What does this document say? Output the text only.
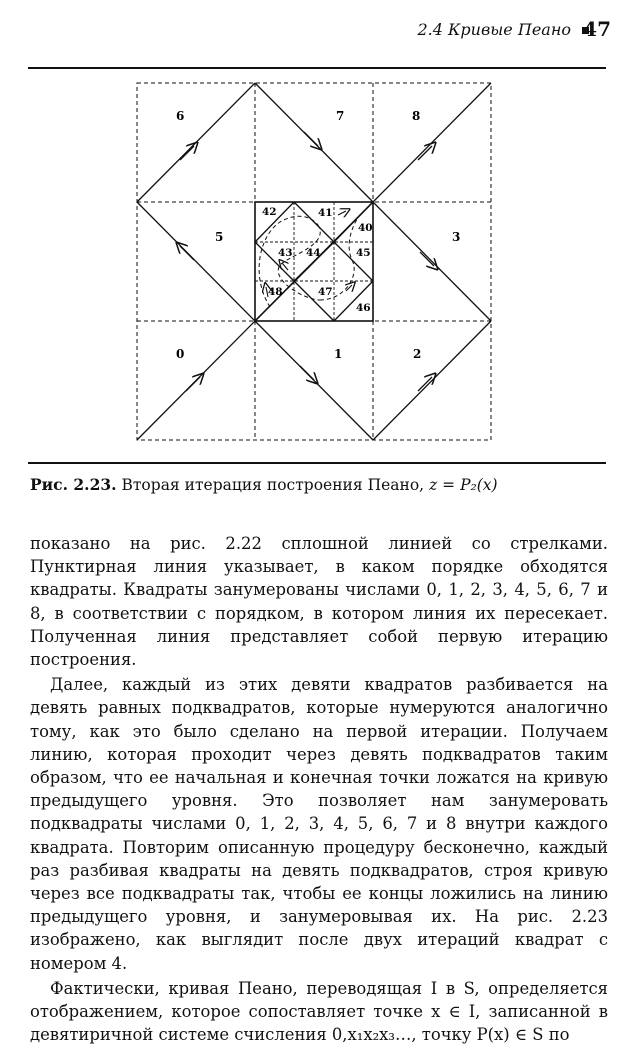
2.4 Кривые Пеано 47
6	7	8
5	3
0	1	2
41
42
40
43 44	45
48	47
46
Рис. 2.23. Вторая итерация построения Пеано, z = P₂(x)

показано на рис. 2.22 сплошной линией со стрелками. Пунктирная линия указывает, в каком порядке обходятся квадраты. Квадраты занумерованы числами 0, 1, 2, 3, 4, 5, 6, 7 и 8, в соответствии с порядком, в котором линия их пересекает. Полученная линия представляет собой первую итерацию построения.

Далее, каждый из этих девяти квадратов разбивается на девять равных подквадратов, которые нумеруются аналогично тому, как это было сделано на первой итерации. Получаем линию, которая проходит через девять подквадратов таким образом, что ее начальная и конечная точки ложатся на кривую предыдущего уровня. Это позволяет нам занумеровать подквадраты числами 0, 1, 2, 3, 4, 5, 6, 7 и 8 внутри каждого квадрата. Повторим описанную процедуру бесконечно, каждый раз разбивая квадраты на девять подквадратов, строя кривую через все подквадраты так, чтобы ее концы ложились на линию предыдущего уровня, и занумеровывая их. На рис. 2.23 изображено, как выглядит после двух итераций квадрат с номером 4.

Фактически, кривая Пеано, переводящая I в S, определяется отображением, которое сопоставляет точке x ∈ I, записанной в девятиричной системе счисления 0,x₁x₂x₃…, точку P(x) ∈ S по
